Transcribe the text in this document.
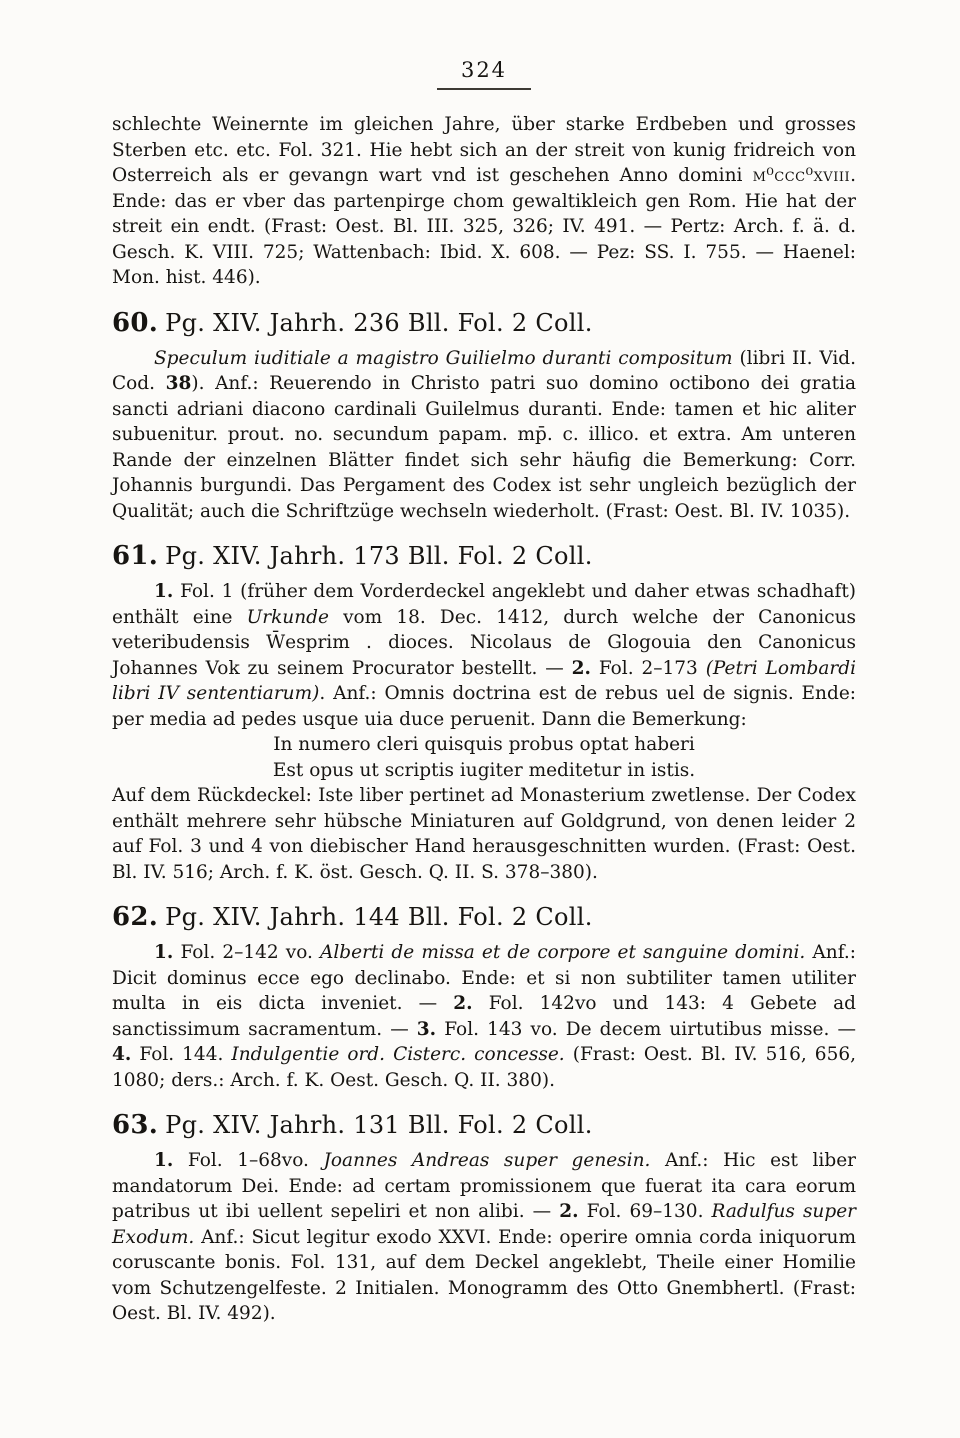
324

schlechte Weinernte im gleichen Jahre, über starke Erdbeben und grosses Sterben etc. etc. Fol. 321. Hie hebt sich an der streit von kunig fridreich von Osterreich als er gevangn wart vnd ist geschehen Anno domini m⁰ccc⁰xviii. Ende: das er vber das partenpirge chom gewaltikleich gen Rom. Hie hat der streit ein endt. (Frast: Oest. Bl. III. 325, 326; IV. 491. — Pertz: Arch. f. ä. d. Gesch. K. VIII. 725; Wattenbach: Ibid. X. 608. — Pez: SS. I. 755. — Haenel: Mon. hist. 446).

60. Pg. XIV. Jahrh. 236 Bll. Fol. 2 Coll.

Speculum iuditiale a magistro Guilielmo duranti compositum (libri II. Vid. Cod. 38). Anf.: Reuerendo in Christo patri suo domino octibono dei gratia sancti adriani diacono cardinali Guilelmus duranti. Ende: tamen et hic aliter subuenitur. prout. no. secundum papam. mp̄. c. illico. et extra. Am unteren Rande der einzelnen Blätter findet sich sehr häufig die Bemerkung: Corr. Johannis burgundi. Das Pergament des Codex ist sehr ungleich bezüglich der Qualität; auch die Schriftzüge wechseln wiederholt. (Frast: Oest. Bl. IV. 1035).

61. Pg. XIV. Jahrh. 173 Bll. Fol. 2 Coll.

1. Fol. 1 (früher dem Vorderdeckel angeklebt und daher etwas schadhaft) enthält eine Urkunde vom 18. Dec. 1412, durch welche der Canonicus veteribudensis W̄esprim . dioces. Nicolaus de Glogouia den Canonicus Johannes Vok zu seinem Procurator bestellt. — 2. Fol. 2–173 (Petri Lombardi libri IV sententiarum). Anf.: Omnis doctrina est de rebus uel de signis. Ende: per media ad pedes usque uia duce peruenit. Dann die Bemerkung:

In numero cleri quisquis probus optat haberi

Est opus ut scriptis iugiter meditetur in istis.

Auf dem Rückdeckel: Iste liber pertinet ad Monasterium zwetlense. Der Codex enthält mehrere sehr hübsche Miniaturen auf Goldgrund, von denen leider 2 auf Fol. 3 und 4 von diebischer Hand herausgeschnitten wurden. (Frast: Oest. Bl. IV. 516; Arch. f. K. öst. Gesch. Q. II. S. 378–380).

62. Pg. XIV. Jahrh. 144 Bll. Fol. 2 Coll.

1. Fol. 2–142 vo. Alberti de missa et de corpore et sanguine domini. Anf.: Dicit dominus ecce ego declinabo. Ende: et si non subtiliter tamen utiliter multa in eis dicta inveniet. — 2. Fol. 142vo und 143: 4 Gebete ad sanctissimum sacramentum. — 3. Fol. 143 vo. De decem uirtutibus misse. — 4. Fol. 144. Indulgentie ord. Cisterc. concesse. (Frast: Oest. Bl. IV. 516, 656, 1080; ders.: Arch. f. K. Oest. Gesch. Q. II. 380).

63. Pg. XIV. Jahrh. 131 Bll. Fol. 2 Coll.

1. Fol. 1–68vo. Joannes Andreas super genesin. Anf.: Hic est liber mandatorum Dei. Ende: ad certam promissionem que fuerat ita cara eorum patribus ut ibi uellent sepeliri et non alibi. — 2. Fol. 69–130. Radulfus super Exodum. Anf.: Sicut legitur exodo XXVI. Ende: operire omnia corda iniquorum coruscante bonis. Fol. 131, auf dem Deckel angeklebt, Theile einer Homilie vom Schutzengelfeste. 2 Initialen. Monogramm des Otto Gnembhertl. (Frast: Oest. Bl. IV. 492).
